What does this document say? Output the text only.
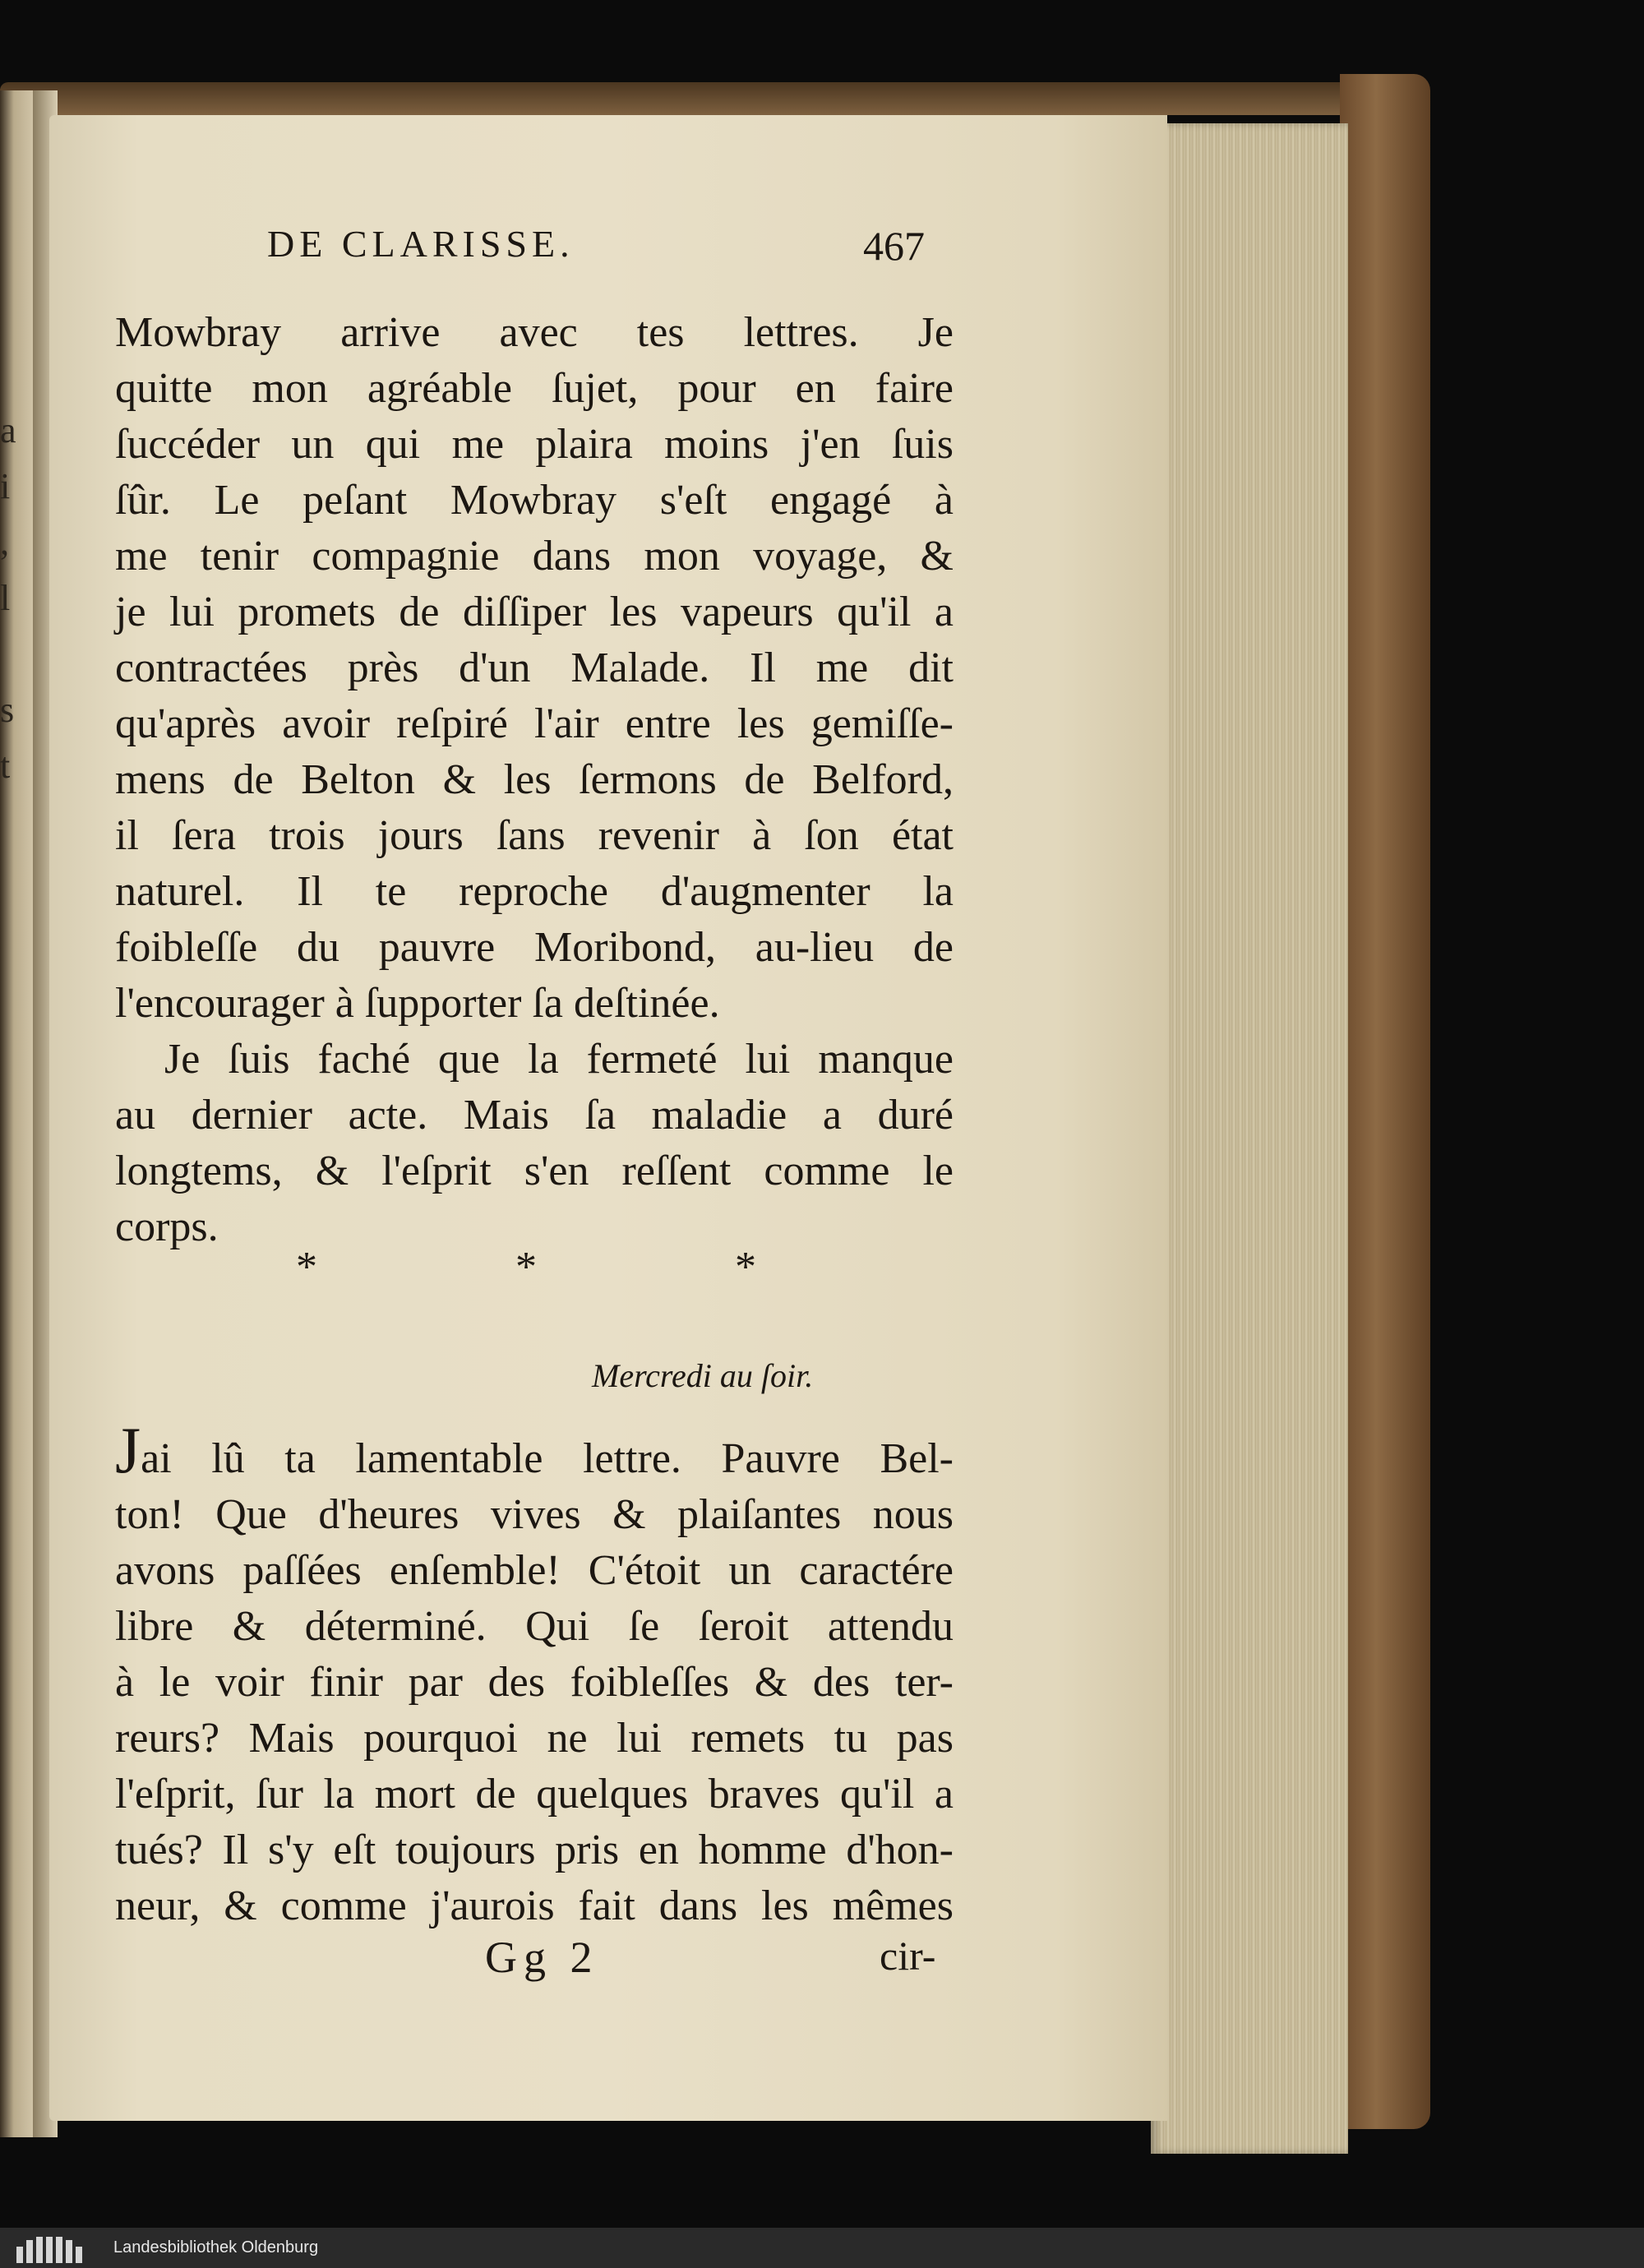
a
i
,
l

s
t
DE CLARISSE.	467
Mowbray arrive avec tes lettres. Je
quitte mon agréable ſujet, pour en faire
ſuccéder un qui me plaira moins j'en ſuis
ſûr. Le peſant Mowbray s'eſt engagé à
me tenir compagnie dans mon voyage, &
je lui promets de diſſiper les vapeurs qu'il a
contractées près d'un Malade. Il me dit
qu'après avoir reſpiré l'air entre les gemiſſe-
mens de Belton & les ſermons de Belford,
il ſera trois jours ſans revenir à ſon état
naturel. Il te reproche d'augmenter la
foibleſſe du pauvre Moribond, au-lieu de
l'encourager à ſupporter ſa deſtinée.
Je ſuis faché que la fermeté lui manque
au dernier acte. Mais ſa maladie a duré
longtems, & l'eſprit s'en reſſent comme le
corps.
*	*	*
Mercredi au ſoir.
Jai lû ta lamentable lettre. Pauvre Bel-
ton! Que d'heures vives & plaiſantes nous
avons paſſées enſemble! C'étoit un caractére
libre & déterminé. Qui ſe ſeroit attendu
à le voir finir par des foibleſſes & des ter-
reurs? Mais pourquoi ne lui remets tu pas
l'eſprit, ſur la mort de quelques braves qu'il a
tués? Il s'y eſt toujours pris en homme d'hon-
neur, & comme j'aurois fait dans les mêmes
Gg 2	cir-
Landesbibliothek Oldenburg
